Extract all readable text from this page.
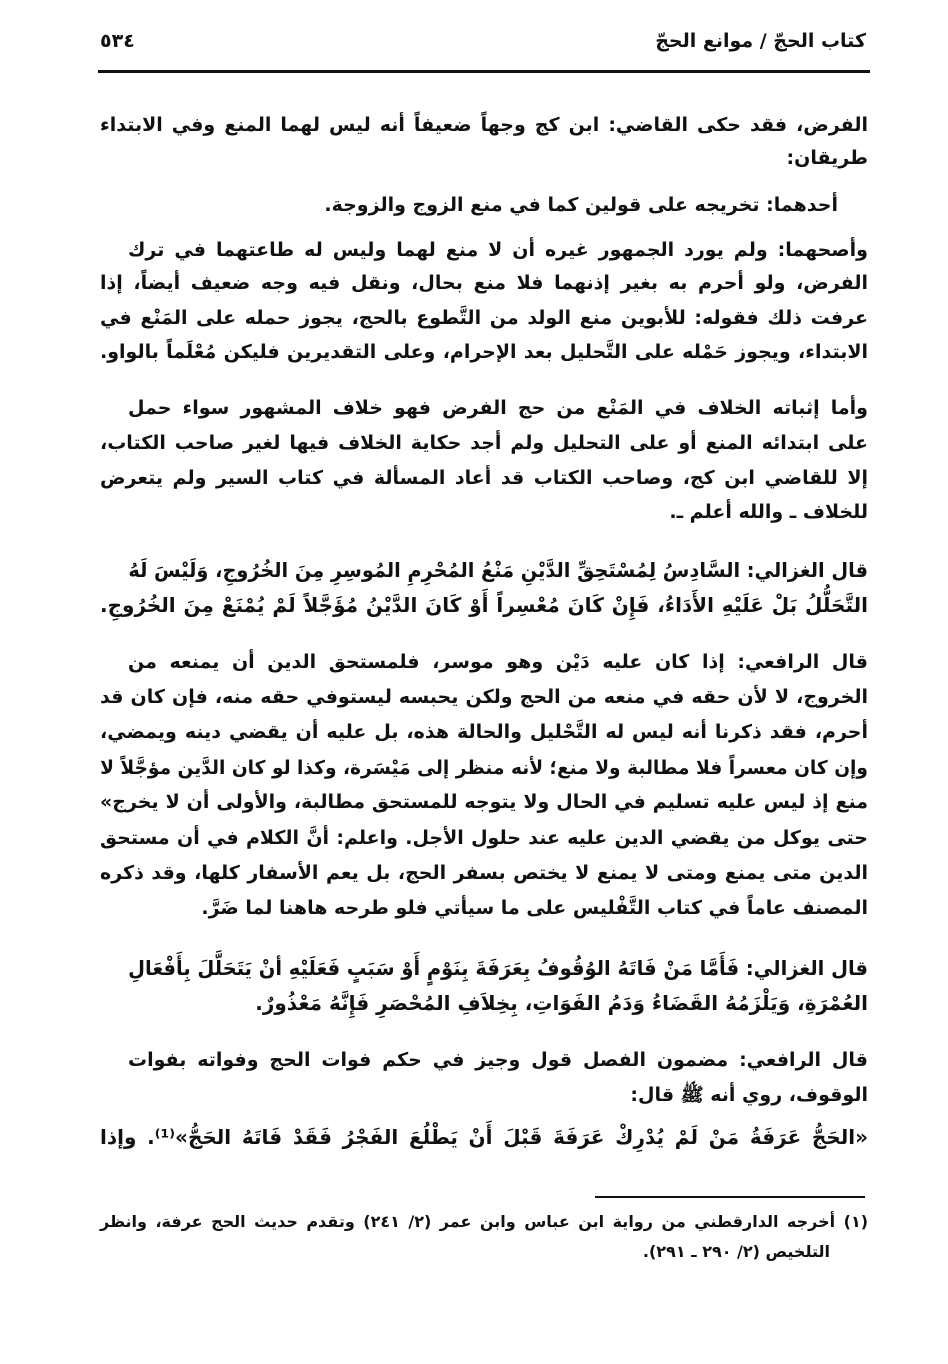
كتاب الحجّ / موانع الحجّ
٥٣٤
الفرض، فقد حكى القاضي: ابن كج وجهاً ضعيفاً أنه ليس لهما المنع وفي الابتداء
طريقان:
أحدهما: تخريجه على قولين كما في منع الزوج والزوجة.
وأصحهما: ولم يورد الجمهور غيره أن لا منع لهما وليس له طاعتهما في ترك
الفرض، ولو أحرم به بغير إذنهما فلا منع بحال، ونقل فيه وجه ضعيف أيضاً، إذا
عرفت ذلك فقوله: للأبوين منع الولد من التَّطوع بالحج، يجوز حمله على المَنْع في
الابتداء، ويجوز حَمْله على التَّحليل بعد الإحرام، وعلى التقديرين فليكن مُعْلَماً بالواو.
وأما إثباته الخلاف في المَنْع من حج الفرض فهو خلاف المشهور سواء حمل
على ابتدائه المنع أو على التحليل ولم أجد حكاية الخلاف فيها لغير صاحب الكتاب،
إلا للقاضي ابن كج، وصاحب الكتاب قد أعاد المسألة في كتاب السير ولم يتعرض
للخلاف ـ والله أعلم ـ.
قال الغزالي: السَّادِسُ لِمُسْتَحِقِّ الدَّيْنِ مَنْعُ المُحْرِمِ المُوسِرِ مِنَ الخُرُوجِ، وَلَيْسَ لَهُ
التَّحَلُّلُ بَلْ عَلَيْهِ الأَدَاءُ، فَإِنْ كَانَ مُعْسِراً أَوْ كَانَ الدَّيْنُ مُؤَجَّلاً لَمْ يُمْنَعْ مِنَ الخُرُوجِ.
قال الرافعي: إذا كان عليه دَيْن وهو موسر، فلمستحق الدين أن يمنعه من
الخروج، لا لأن حقه في منعه من الحج ولكن يحبسه ليستوفي حقه منه، فإن كان قد
أحرم، فقد ذكرنا أنه ليس له التَّحْليل والحالة هذه، بل عليه أن يقضي دينه ويمضي،
وإن كان معسراً فلا مطالبة ولا منع؛ لأنه منظر إلى مَيْسَرة، وكذا لو كان الدَّين مؤجَّلاً لا
منع إذ ليس عليه تسليم في الحال ولا يتوجه للمستحق مطالبة، والأولى أن لا يخرج»
حتى يوكل من يقضي الدين عليه عند حلول الأجل. واعلم: أنَّ الكلام في أن مستحق
الدين متى يمنع ومتى لا يمنع لا يختص بسفر الحج، بل يعم الأسفار كلها، وقد ذكره
المصنف عاماً في كتاب التَّفْليس على ما سيأتي فلو طرحه هاهنا لما ضَرَّ.
قال الغزالي: فَأَمَّا مَنْ فَاتَهُ الوُقُوفُ بِعَرَفَةَ بِنَوْمٍ أَوْ سَبَبٍ فَعَلَيْهِ أنْ يَتَحَلَّلَ بِأَفْعَالِ
العُمْرَةِ، وَيَلْزَمُهُ القَضَاءُ وَدَمُ الفَوَاتِ، بِخِلاَفِ المُحْصَرِ فَإِنَّهُ مَعْذُورٌ.
قال الرافعي: مضمون الفصل قول وجيز في حكم فوات الحج وفواته بفوات
الوقوف، روي أنه ﷺ قال:
«الحَجُّ عَرَفَةُ مَنْ لَمْ يُدْرِكْ عَرَفَةَ قَبْلَ أَنْ يَطْلُعَ الفَجْرُ فَقَدْ فَاتَهُ الحَجُّ»⁽¹⁾. وإذا
(١) أخرجه الدارقطني من رواية ابن عباس وابن عمر (٢/ ٢٤١) وتقدم حديث الحج عرفة، وانظر
التلخيص (٢/ ٢٩٠ ـ ٢٩١).
